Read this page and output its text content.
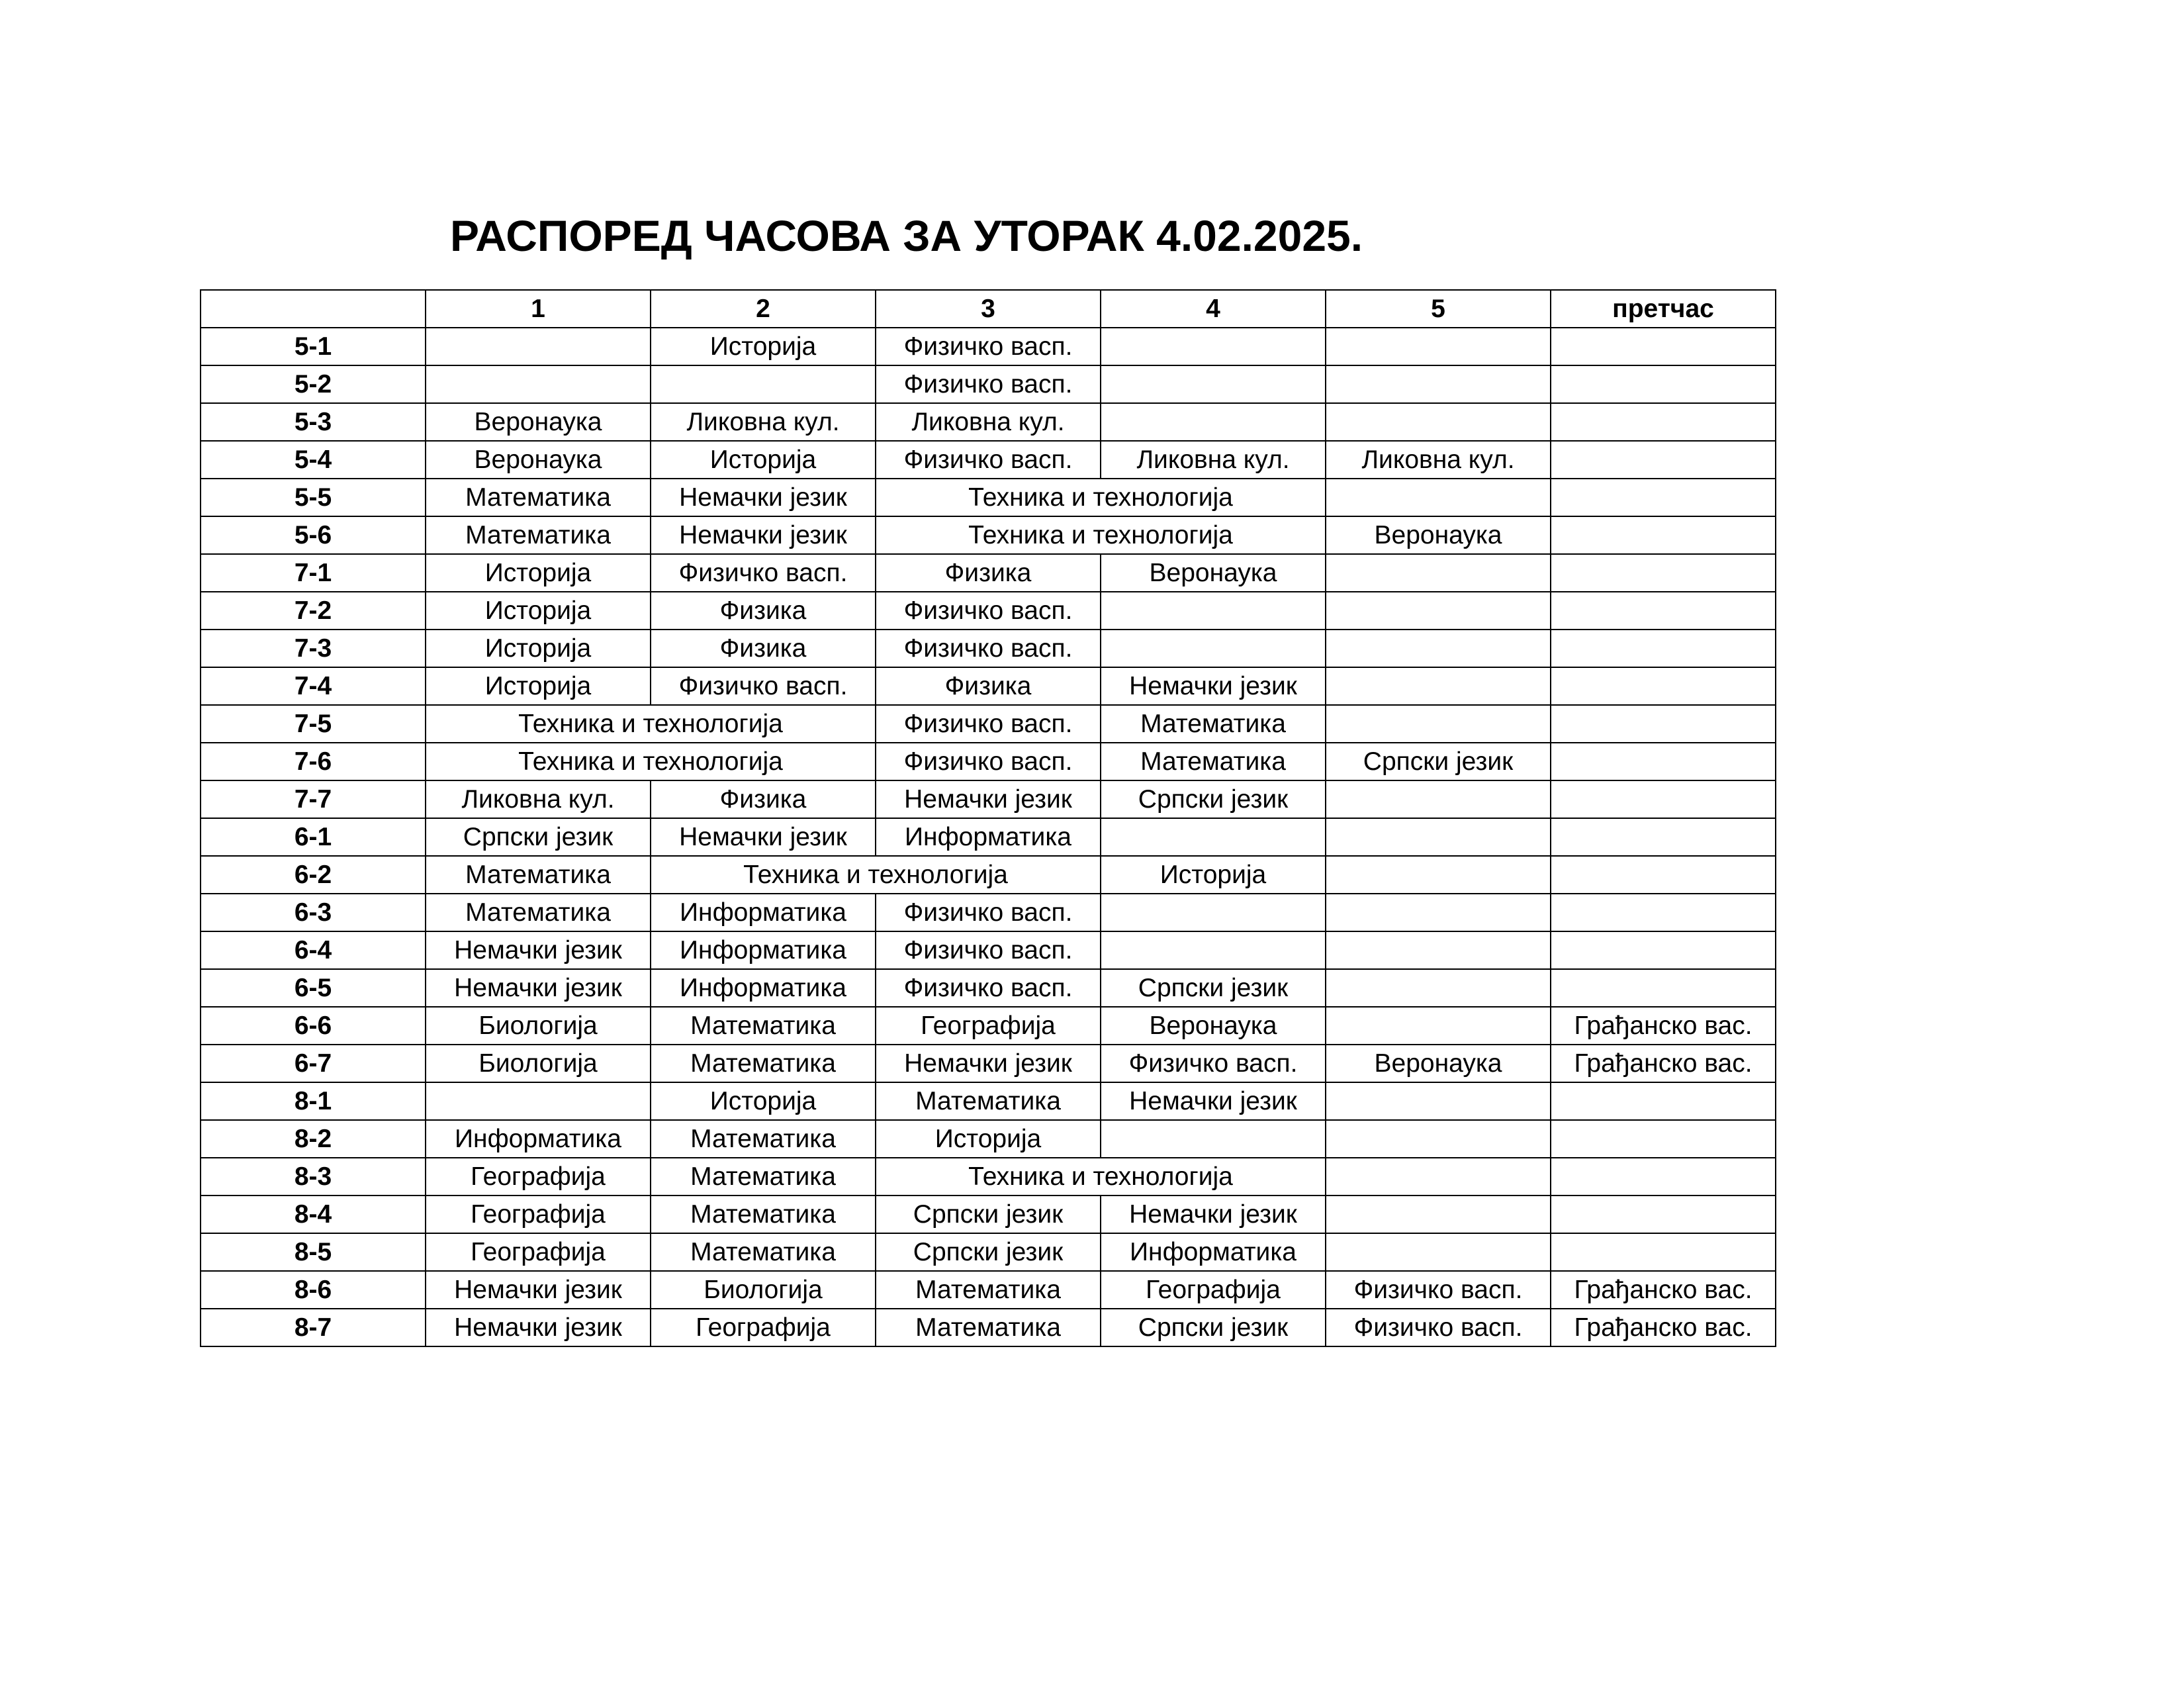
РАСПОРЕД ЧАСОВА ЗА УТОРАК 4.02.2025.
	1	2	3	4	5	претчас
5-1		Историја	Физичко васп.			
5-2			Физичко васп.			
5-3	Веронаука	Ликовна кул.	Ликовна кул.			
5-4	Веронаука	Историја	Физичко васп.	Ликовна кул.	Ликовна кул.	
5-5	Математика	Немачки језик	Техника и технологија			
5-6	Математика	Немачки језик	Техника и технологија		Веронаука	
7-1	Историја	Физичко васп.	Физика	Веронаука		
7-2	Историја	Физика	Физичко васп.			
7-3	Историја	Физика	Физичко васп.			
7-4	Историја	Физичко васп.	Физика	Немачки језик		
7-5	Техника и технологија		Физичко васп.	Математика		
7-6	Техника и технологија		Физичко васп.	Математика	Српски језик	
7-7	Ликовна кул.	Физика	Немачки језик	Српски језик		
6-1	Српски језик	Немачки језик	Информатика			
6-2	Математика	Техника и технологија		Историја		
6-3	Математика	Информатика	Физичко васп.			
6-4	Немачки језик	Информатика	Физичко васп.			
6-5	Немачки језик	Информатика	Физичко васп.	Српски језик		
6-6	Биологија	Математика	Географија	Веронаука		Грађанско вас.
6-7	Биологија	Математика	Немачки језик	Физичко васп.	Веронаука	Грађанско вас.
8-1		Историја	Математика	Немачки језик		
8-2	Информатика	Математика	Историја			
8-3	Географија	Математика	Техника и технологија			
8-4	Географија	Математика	Српски језик	Немачки језик		
8-5	Географија	Математика	Српски језик	Информатика		
8-6	Немачки језик	Биологија	Математика	Географија	Физичко васп.	Грађанско вас.
8-7	Немачки језик	Географија	Математика	Српски језик	Физичко васп.	Грађанско вас.
